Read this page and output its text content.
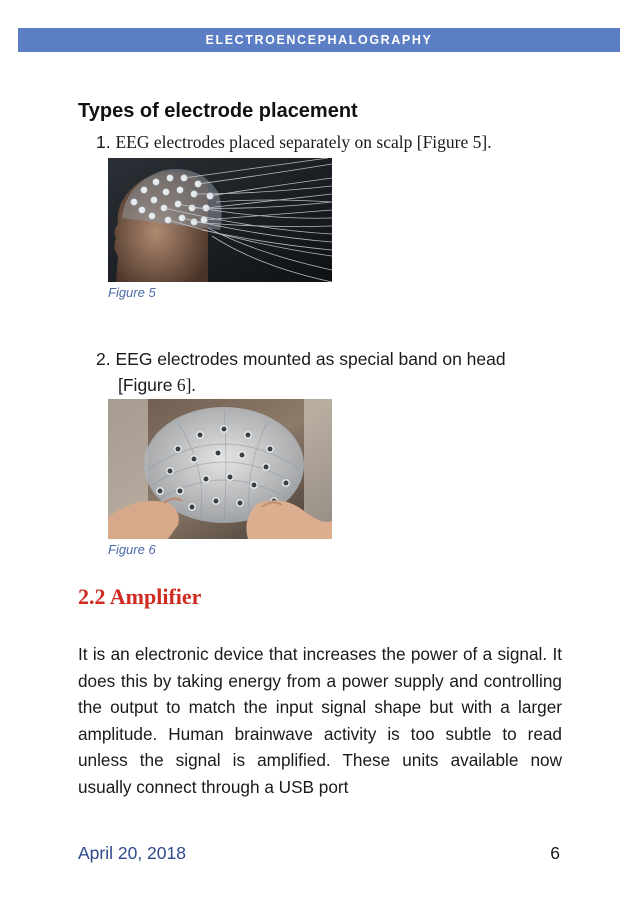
ELECTROENCEPHALOGRAPHY
Types of electrode placement
1. EEG electrodes placed separately on scalp [Figure 5].
Figure 5
2. EEG electrodes mounted as special band on head
[Figure 6].
Figure 6
2.2 Amplifier
It is an electronic device that increases the power of a signal. It does this by taking energy from a power supply and controlling the output to match the input signal shape but with a larger amplitude. Human brainwave activity is too subtle to read unless the signal is amplified. These units available now usually connect through a USB port
April 20, 2018	6
